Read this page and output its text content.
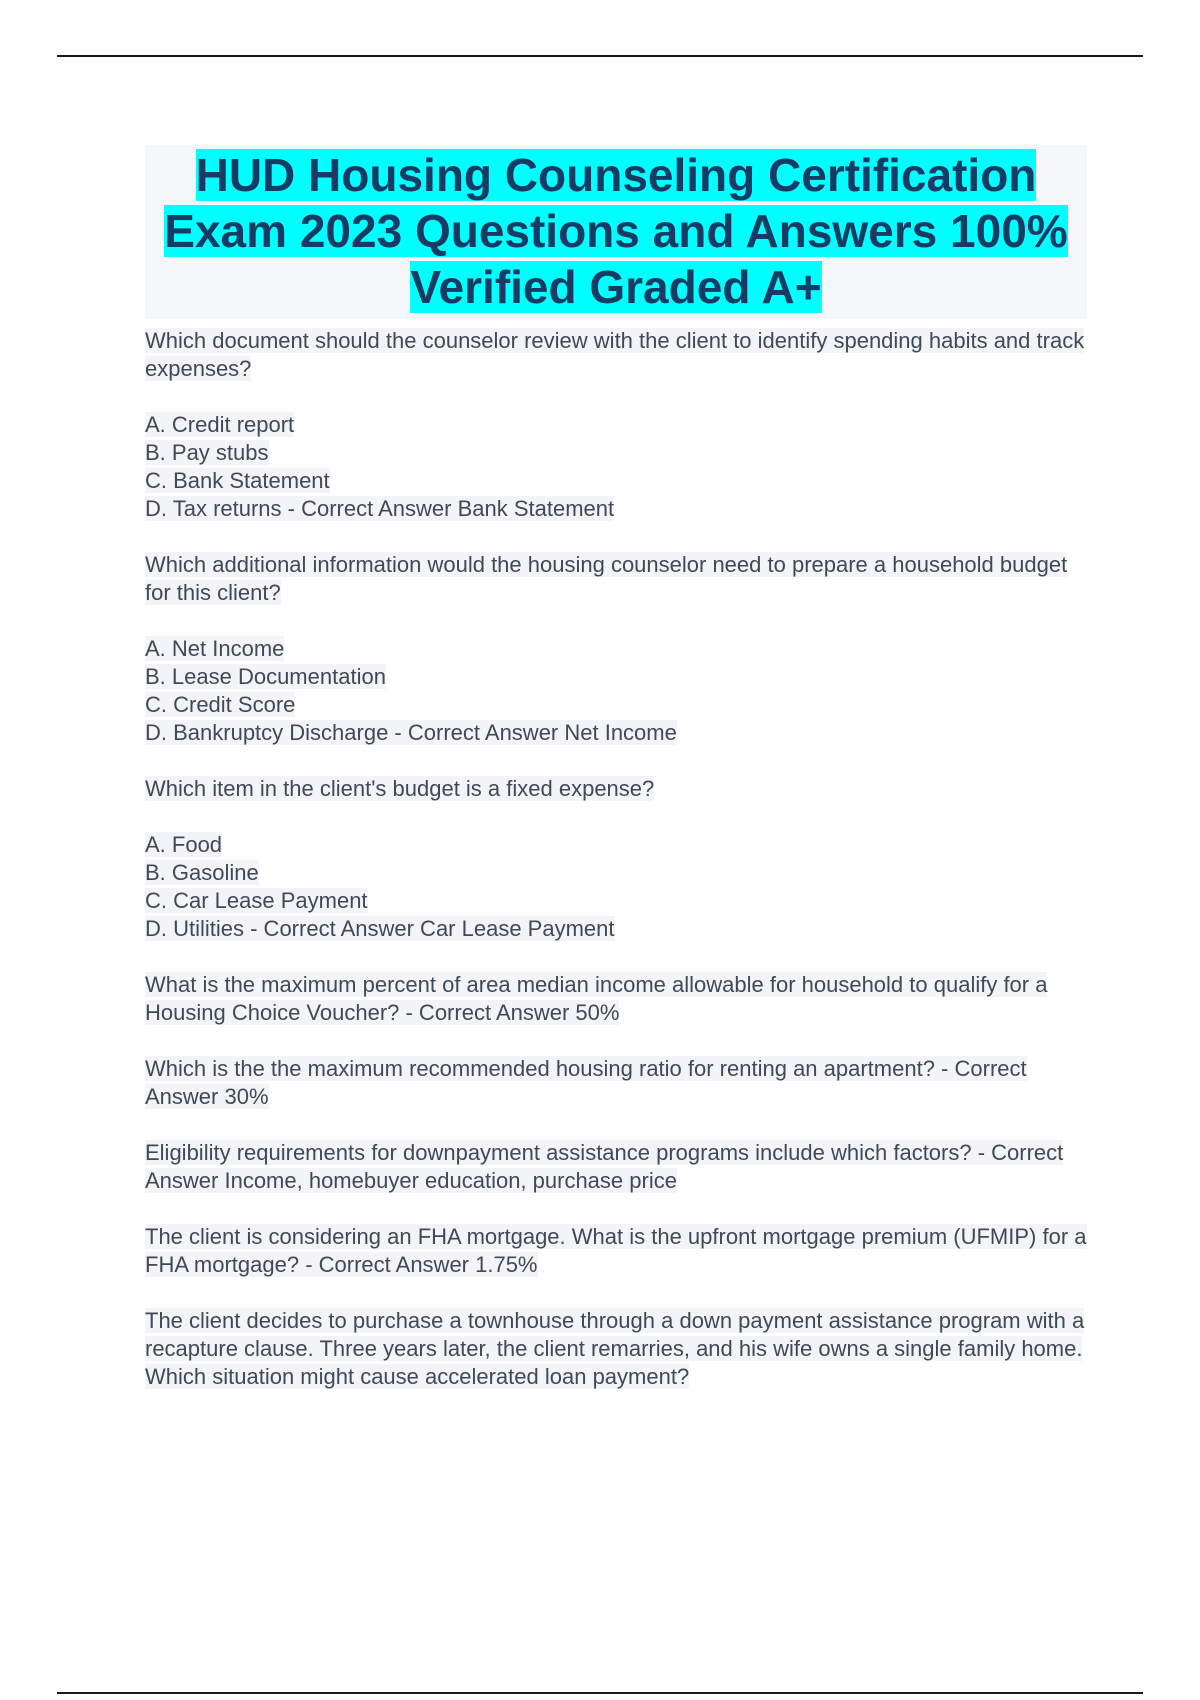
HUD Housing Counseling Certification Exam 2023 Questions and Answers 100% Verified Graded A+
Which document should the counselor review with the client to identify spending habits and track expenses?
A. Credit report
B. Pay stubs
C. Bank Statement
D. Tax returns - Correct Answer Bank Statement
Which additional information would the housing counselor need to prepare a household budget for this client?
A. Net Income
B. Lease Documentation
C. Credit Score
D. Bankruptcy Discharge - Correct Answer Net Income
Which item in the client's budget is a fixed expense?
A. Food
B. Gasoline
C. Car Lease Payment
D. Utilities - Correct Answer Car Lease Payment
What is the maximum percent of area median income allowable for household to qualify for a Housing Choice Voucher? - Correct Answer 50%
Which is the the maximum recommended housing ratio for renting an apartment? - Correct Answer 30%
Eligibility requirements for downpayment assistance programs include which factors? - Correct Answer Income, homebuyer education, purchase price
The client is considering an FHA mortgage. What is the upfront mortgage premium (UFMIP) for a FHA mortgage? - Correct Answer 1.75%
The client decides to purchase a townhouse through a down payment assistance program with a recapture clause. Three years later, the client remarries, and his wife owns a single family home. Which situation might cause accelerated loan payment?
